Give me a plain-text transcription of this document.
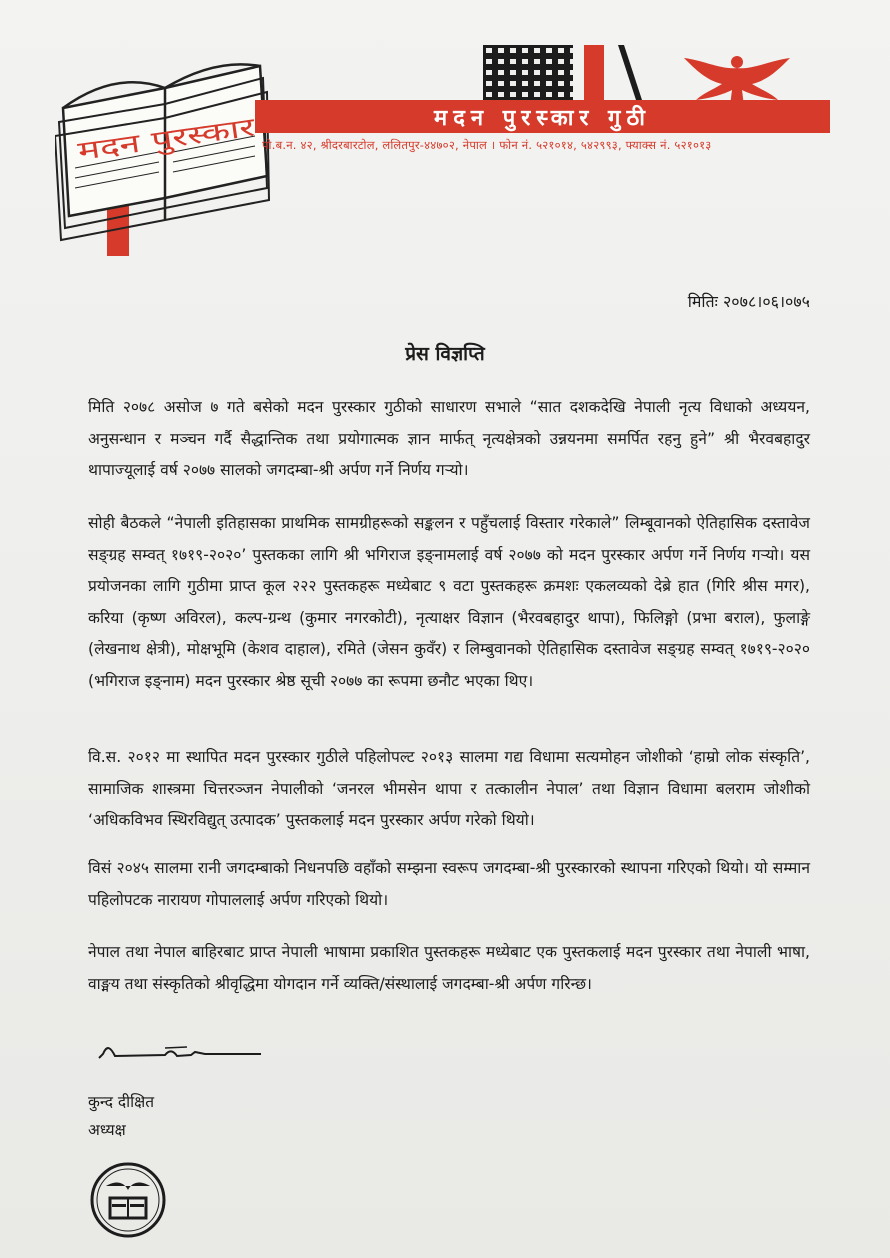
मदन पुरस्कार
मदन पुरस्कार गुठी
पो.ब.न. ४२, श्रीदरबारटोल, ललितपुर-४४७०२, नेपाल । फोन नं. ५२१०१४, ५४२९९३, फ्याक्स नं. ५२१०१३
मितिः २०७८।०६।०७५
प्रेस विज्ञप्ति

मिति २०७८ असोज ७ गते बसेको मदन पुरस्कार गुठीको साधारण सभाले “सात दशकदेखि नेपाली नृत्य विधाको अध्ययन, अनुसन्धान र मञ्चन गर्दै सैद्धान्तिक तथा प्रयोगात्मक ज्ञान मार्फत् नृत्यक्षेत्रको उन्नयनमा समर्पित रहनु हुने” श्री भैरवबहादुर थापाज्यूलाई वर्ष २०७७ सालको जगदम्बा-श्री अर्पण गर्ने निर्णय गर्‍यो।

सोही बैठकले “नेपाली इतिहासका प्राथमिक सामग्रीहरूको सङ्कलन र पहुँचलाई विस्तार गरेकाले” लिम्बूवानको ऐतिहासिक दस्तावेज सङ्ग्रह सम्वत् १७१९-२०२०’ पुस्तकका लागि श्री भगिराज इङ्नामलाई वर्ष २०७७ को मदन पुरस्कार अर्पण गर्ने निर्णय गर्‍यो। यस प्रयोजनका लागि गुठीमा प्राप्त कूल २२२ पुस्तकहरू मध्येबाट ९ वटा पुस्तकहरू क्रमशः एकलव्यको देब्रे हात (गिरि श्रीस मगर), करिया (कृष्ण अविरल), कल्प-ग्रन्थ (कुमार नगरकोटी), नृत्याक्षर विज्ञान (भैरवबहादुर थापा), फिलिङ्गो (प्रभा बराल), फुलाङ्गे (लेखनाथ क्षेत्री), मोक्षभूमि (केशव दाहाल), रमिते (जेसन कुवँर) र लिम्बुवानको ऐतिहासिक दस्तावेज सङ्ग्रह सम्वत् १७१९-२०२० (भगिराज इङ्नाम) मदन पुरस्कार श्रेष्ठ सूची २०७७ का रूपमा छनौट भएका थिए।

वि.स. २०१२ मा स्थापित मदन पुरस्कार गुठीले पहिलोपल्ट २०१३ सालमा गद्य विधामा सत्यमोहन जोशीको ‘हाम्रो लोक संस्कृति’, सामाजिक शास्त्रमा चित्तरञ्जन नेपालीको ‘जनरल भीमसेन थापा र तत्कालीन नेपाल’ तथा विज्ञान विधामा बलराम जोशीको ‘अधिकविभव स्थिरविद्युत् उत्पादक’ पुस्तकलाई मदन पुरस्कार अर्पण गरेको थियो।

विसं २०४५ सालमा रानी जगदम्बाको निधनपछि वहाँको सम्झना स्वरूप जगदम्बा-श्री पुरस्कारको स्थापना गरिएको थियो। यो सम्मान पहिलोपटक नारायण गोपाललाई अर्पण गरिएको थियो।

नेपाल तथा नेपाल बाहिरबाट प्राप्त नेपाली भाषामा प्रकाशित पुस्तकहरू मध्येबाट एक पुस्तकलाई मदन पुरस्कार तथा नेपाली भाषा, वाङ्मय तथा संस्कृतिको श्रीवृद्धिमा योगदान गर्ने व्यक्ति/संस्थालाई जगदम्बा-श्री अर्पण गरिन्छ।

कुन्द दीक्षित
अध्यक्ष
